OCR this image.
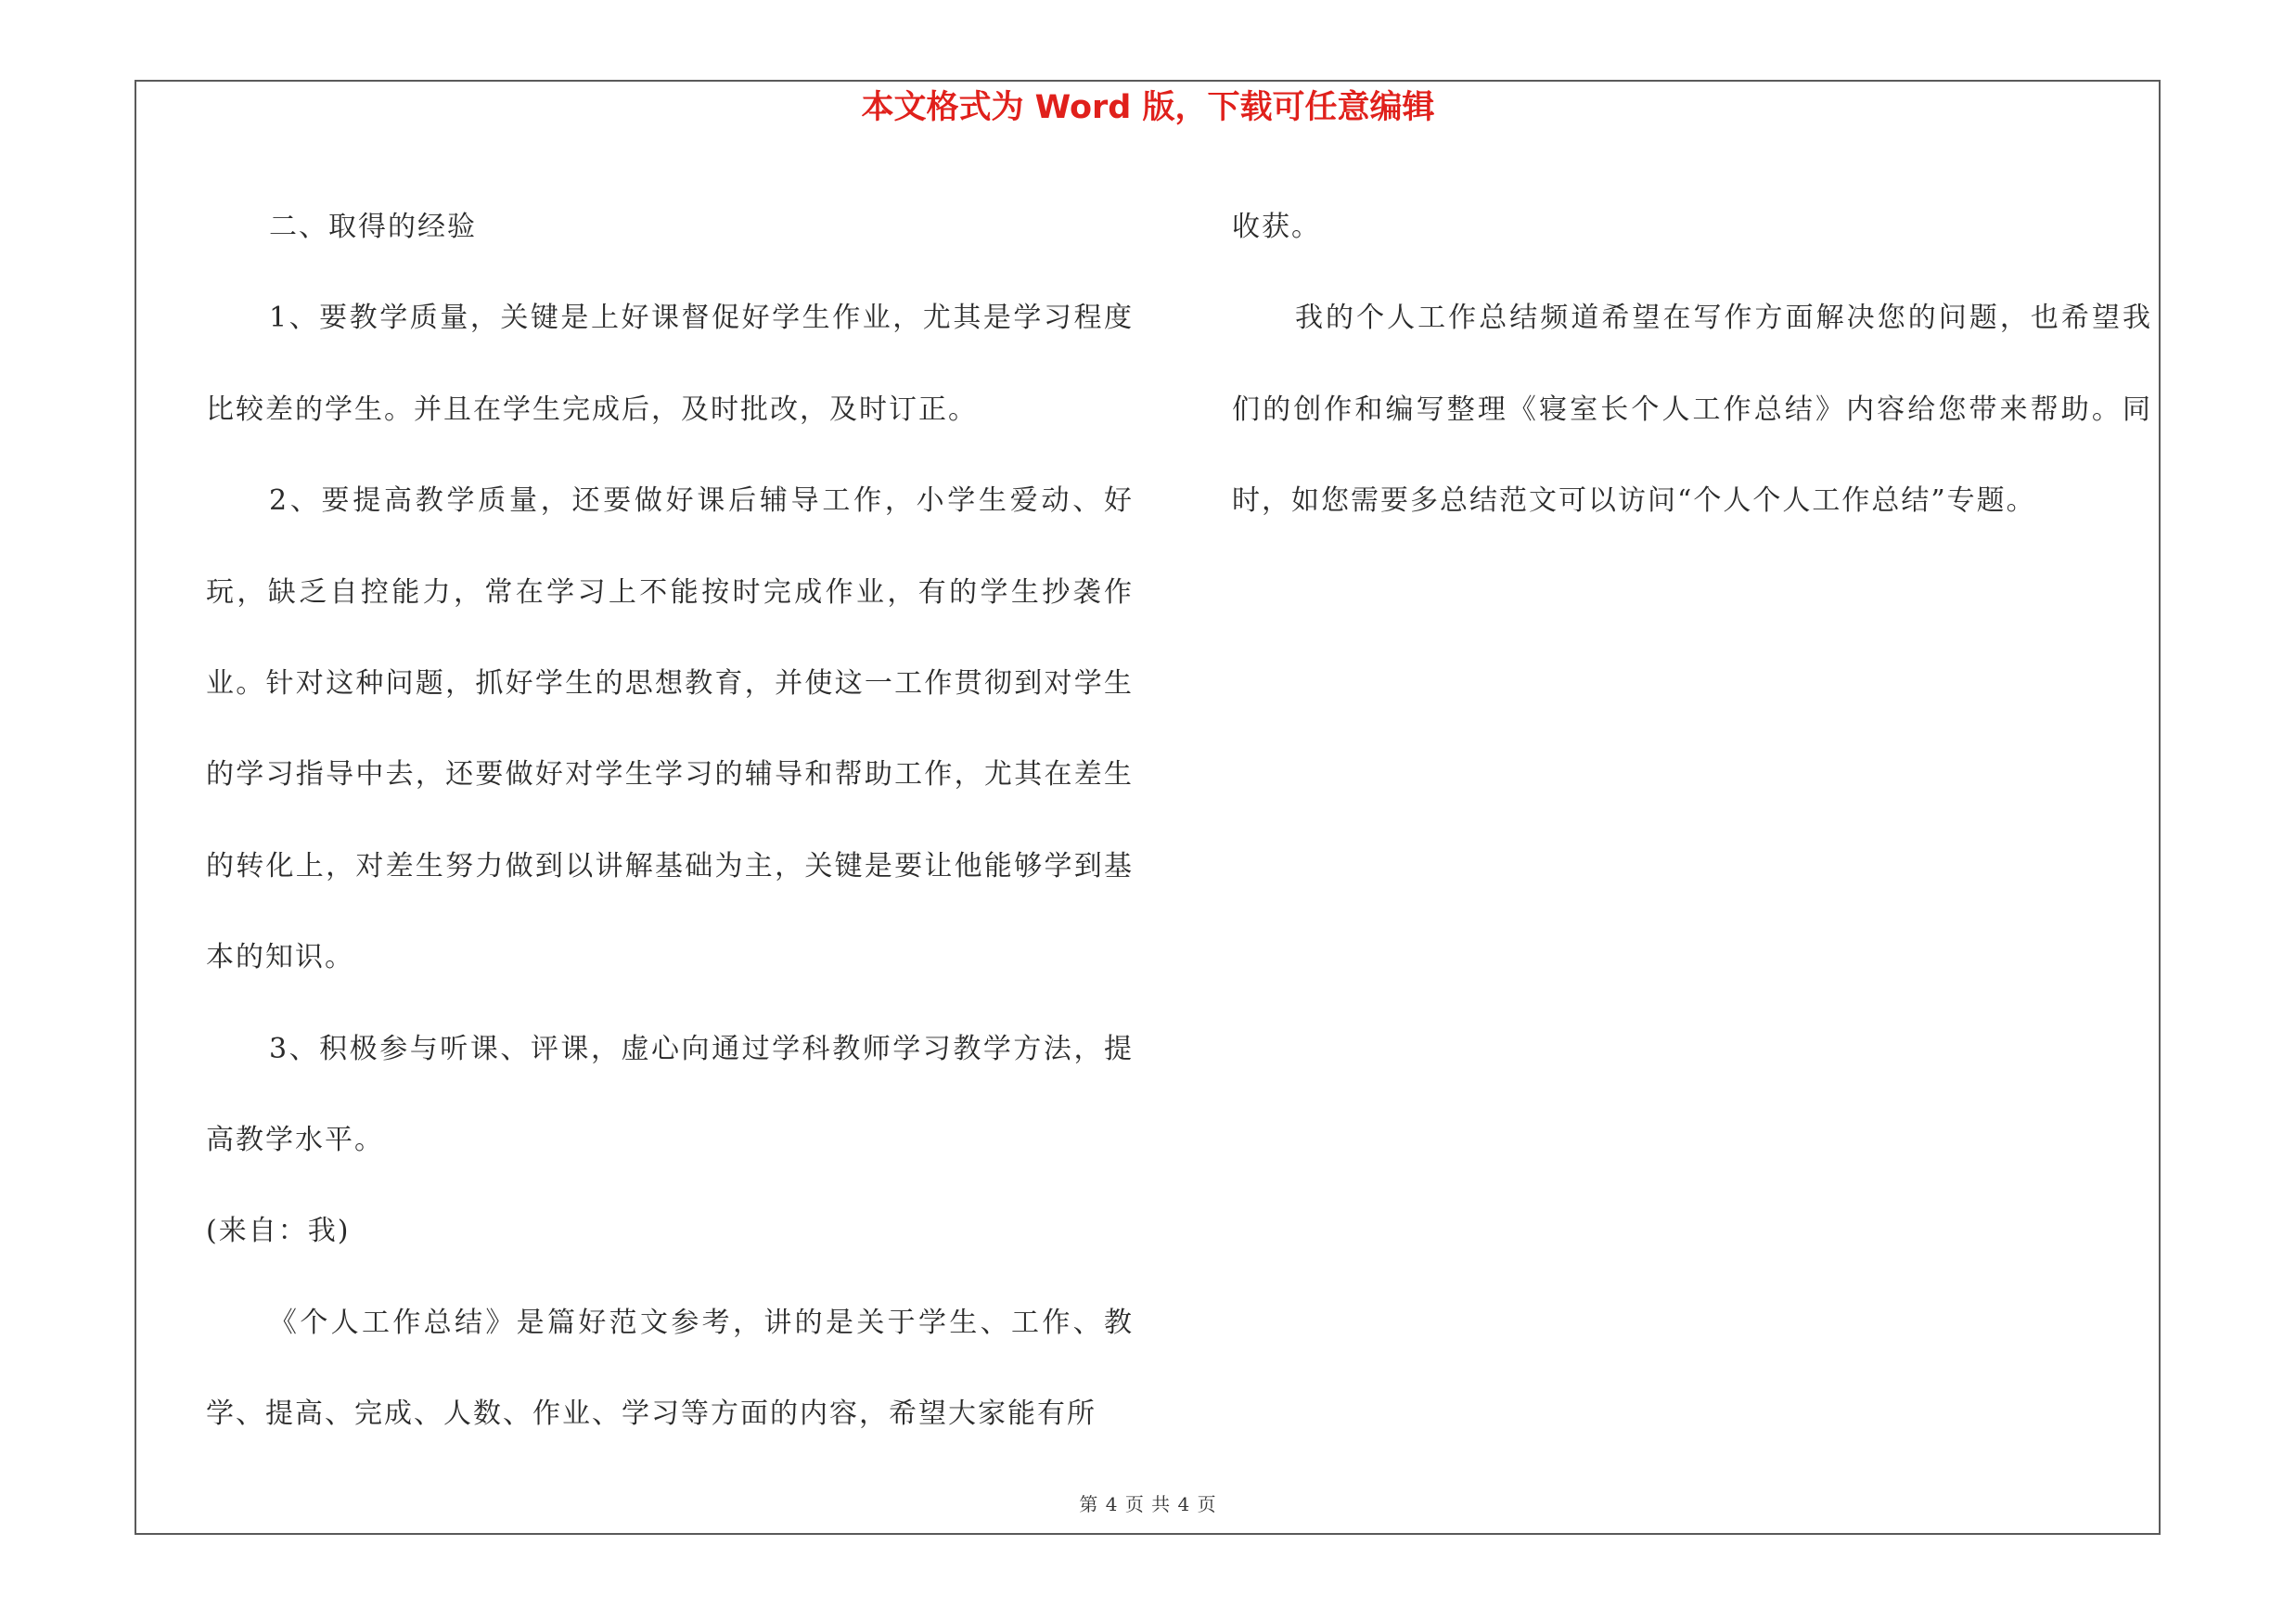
本文格式为 Word 版，下载可任意编辑

二、取得的经验

1、要教学质量，关键是上好课督促好学生作业，尤其是学习程度比较差的学生。并且在学生完成后，及时批改，及时订正。

2、要提高教学质量，还要做好课后辅导工作，小学生爱动、好玩，缺乏自控能力，常在学习上不能按时完成作业，有的学生抄袭作业。针对这种问题，抓好学生的思想教育，并使这一工作贯彻到对学生的学习指导中去，还要做好对学生学习的辅导和帮助工作，尤其在差生的转化上，对差生努力做到以讲解基础为主，关键是要让他能够学到基本的知识。

3、积极参与听课、评课，虚心向通过学科教师学习教学方法，提高教学水平。

(来自：我)

《个人工作总结》是篇好范文参考，讲的是关于学生、工作、教学、提高、完成、人数、作业、学习等方面的内容，希望大家能有所

收获。

我的个人工作总结频道希望在写作方面解决您的问题，也希望我们的创作和编写整理《寝室长个人工作总结》内容给您带来帮助。同时，如您需要多总结范文可以访问“个人个人工作总结”专题。

第 4 页 共 4 页
